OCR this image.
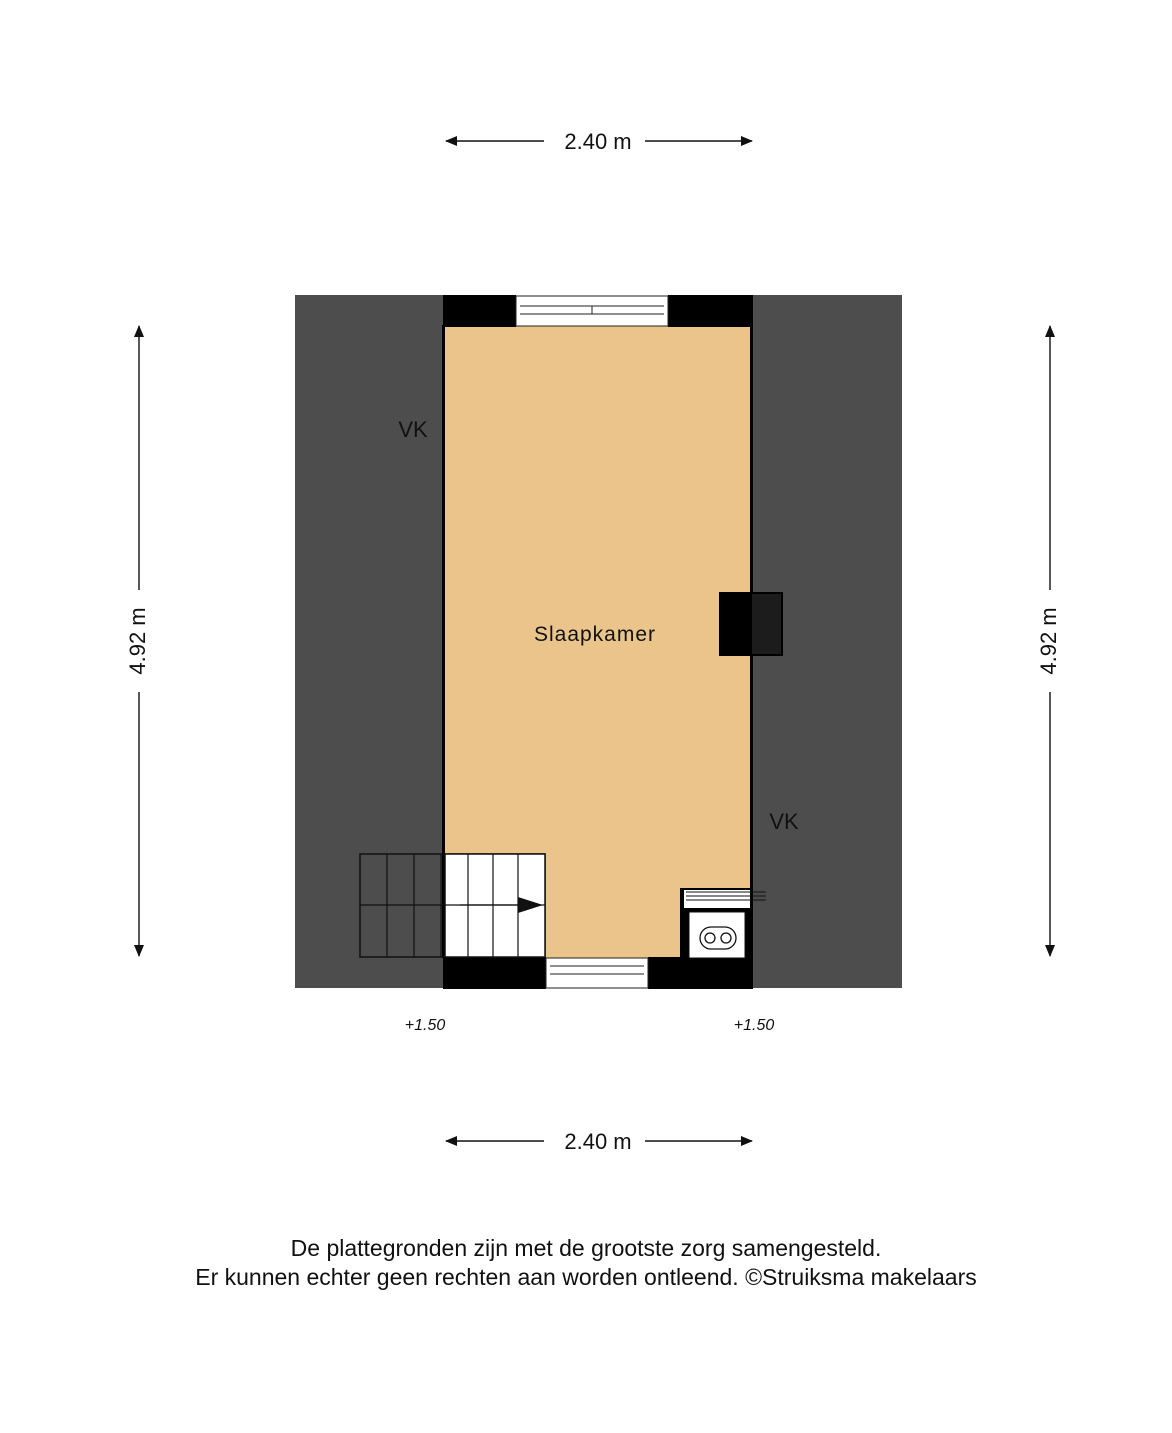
2.40 m
2.40 m
4.92 m	4.92 m
Slaapkamer
VK
VK
+1.50	+1.50
De plattegronden zijn met de grootste zorg samengesteld.
Er kunnen echter geen rechten aan worden ontleend. ©Struiksma makelaars
